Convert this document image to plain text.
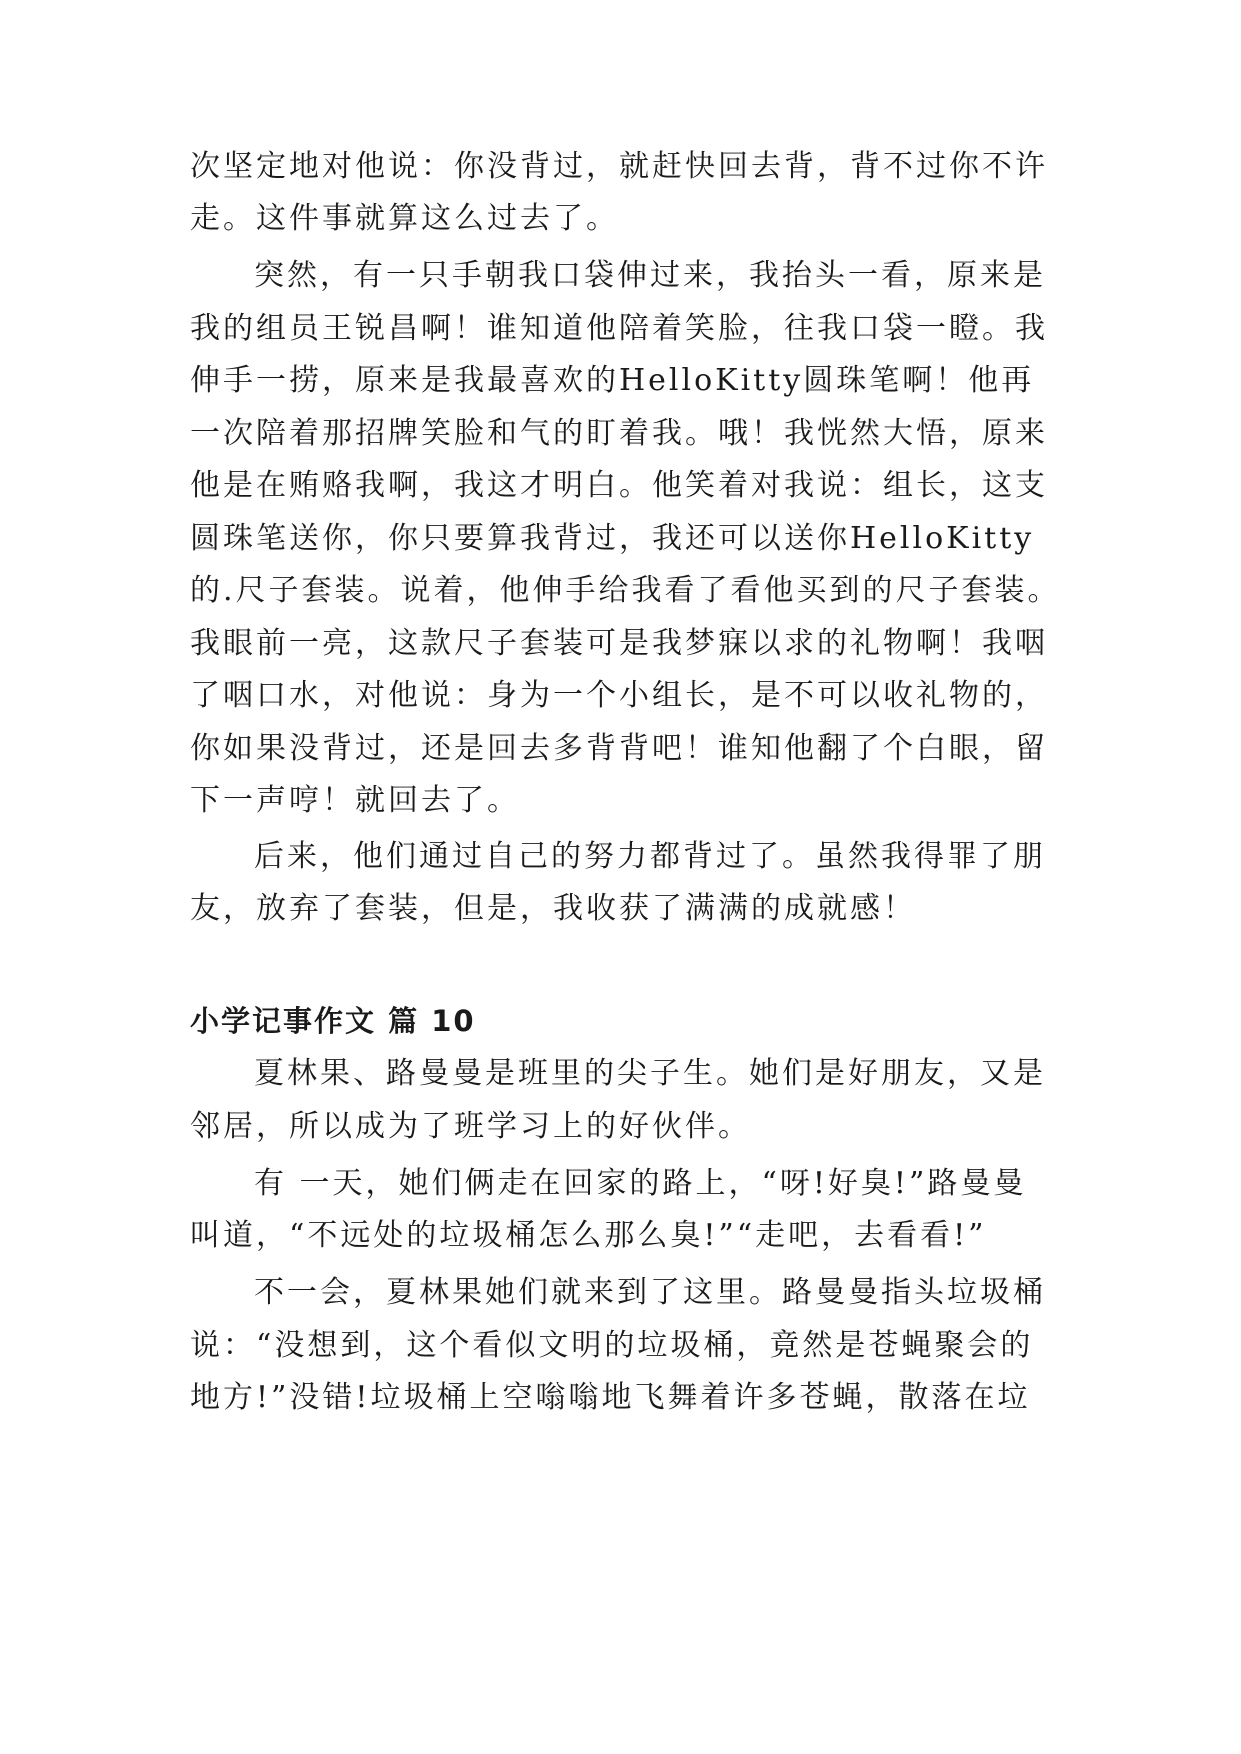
次坚定地对他说：你没背过，就赶快回去背，背不过你不许

走。这件事就算这么过去了。

突然，有一只手朝我口袋伸过来，我抬头一看，原来是

我的组员王锐昌啊！谁知道他陪着笑脸，往我口袋一瞪。我

伸手一捞，原来是我最喜欢的HelloKitty圆珠笔啊！他再

一次陪着那招牌笑脸和气的盯着我。哦！我恍然大悟，原来

他是在贿赂我啊，我这才明白。他笑着对我说：组长，这支

圆珠笔送你，你只要算我背过，我还可以送你HelloKitty

的.尺子套装。说着，他伸手给我看了看他买到的尺子套装。

我眼前一亮，这款尺子套装可是我梦寐以求的礼物啊！我咽

了咽口水，对他说：身为一个小组长，是不可以收礼物的，

你如果没背过，还是回去多背背吧！谁知他翻了个白眼，留

下一声哼！就回去了。

后来，他们通过自己的努力都背过了。虽然我得罪了朋

友，放弃了套装，但是，我收获了满满的成就感！

小学记事作文 篇 10

夏林果、路曼曼是班里的尖子生。她们是好朋友，又是

邻居，所以成为了班学习上的好伙伴。

有 一天，她们俩走在回家的路上，“呀!好臭!”路曼曼

叫道，“不远处的垃圾桶怎么那么臭!”“走吧，去看看!”

不一会，夏林果她们就来到了这里。路曼曼指头垃圾桶

说：“没想到，这个看似文明的垃圾桶，竟然是苍蝇聚会的

地方!”没错!垃圾桶上空嗡嗡地飞舞着许多苍蝇，散落在垃
